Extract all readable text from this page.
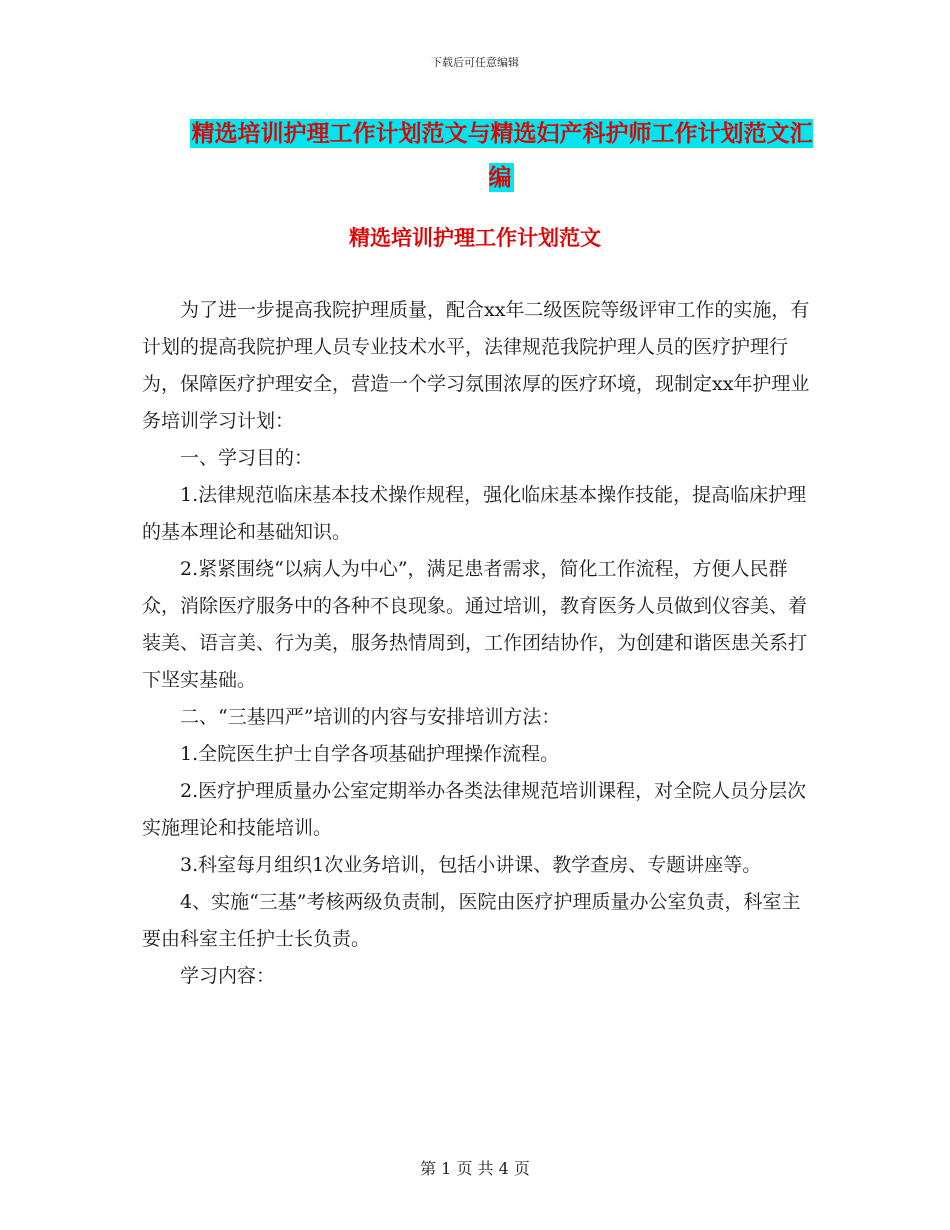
下载后可任意编辑
精选培训护理工作计划范文与精选妇产科护师工作计划范文汇编
精选培训护理工作计划范文

为了进一步提高我院护理质量，配合xx年二级医院等级评审工作的实施，有计划的提高我院护理人员专业技术水平，法律规范我院护理人员的医疗护理行为，保障医疗护理安全，营造一个学习氛围浓厚的医疗环境，现制定xx年护理业务培训学习计划：

一、学习目的：

1.法律规范临床基本技术操作规程，强化临床基本操作技能，提高临床护理的基本理论和基础知识。

2.紧紧围绕“以病人为中心”，满足患者需求，简化工作流程，方便人民群众，消除医疗服务中的各种不良现象。通过培训，教育医务人员做到仪容美、着装美、语言美、行为美，服务热情周到，工作团结协作，为创建和谐医患关系打下坚实基础。

二、“三基四严”培训的内容与安排培训方法：

1.全院医生护士自学各项基础护理操作流程。

2.医疗护理质量办公室定期举办各类法律规范培训课程，对全院人员分层次实施理论和技能培训。

3.科室每月组织1次业务培训，包括小讲课、教学查房、专题讲座等。

4、实施“三基”考核两级负责制，医院由医疗护理质量办公室负责，科室主要由科室主任护士长负责。

学习内容：

第 1 页 共 4 页
